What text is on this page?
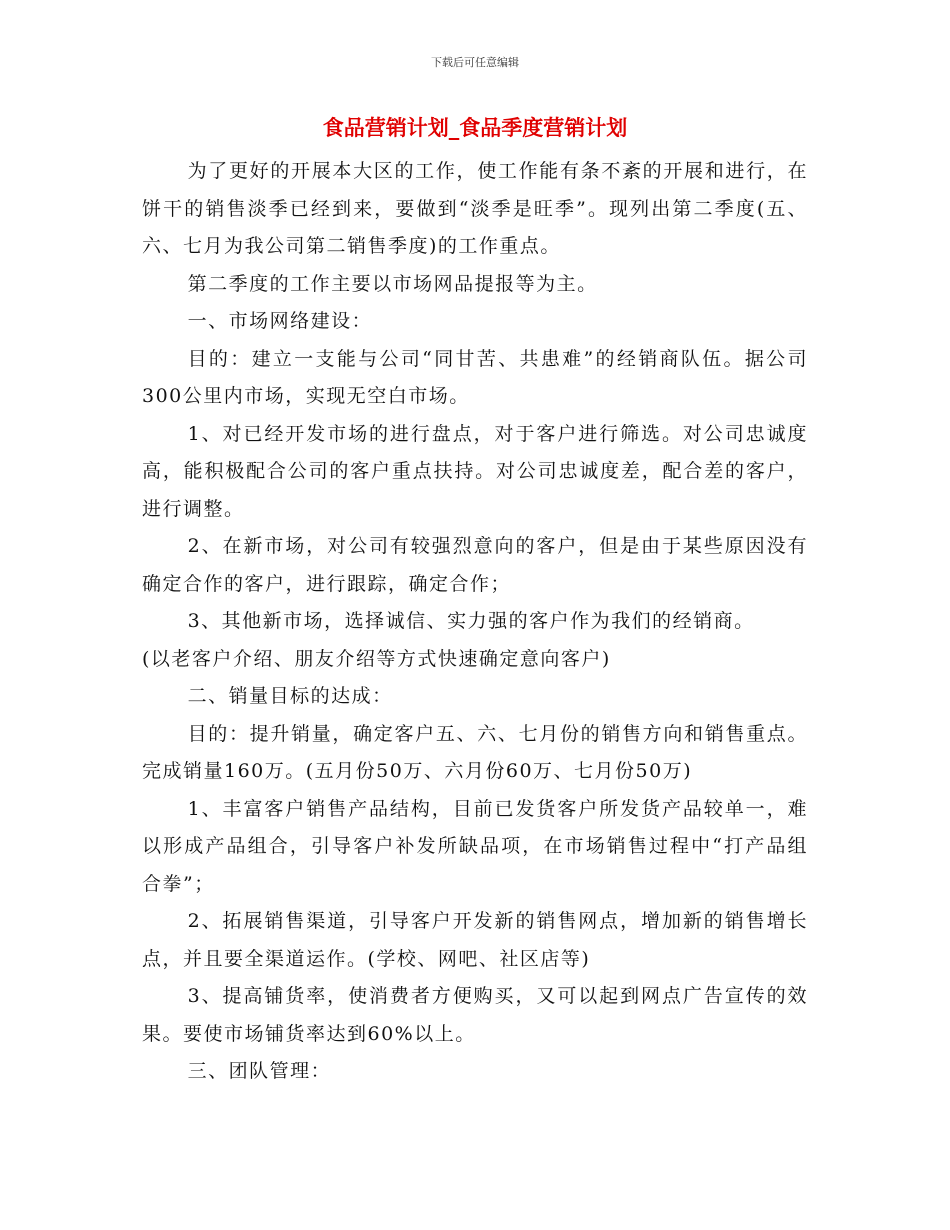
下载后可任意编辑
食品营销计划_食品季度营销计划

为了更好的开展本大区的工作，使工作能有条不紊的开展和进行，在饼干的销售淡季已经到来，要做到“淡季是旺季”。现列出第二季度(五、六、七月为我公司第二销售季度)的工作重点。

第二季度的工作主要以市场网品提报等为主。

一、市场网络建设：

目的：建立一支能与公司“同甘苦、共患难”的经销商队伍。据公司300公里内市场，实现无空白市场。

1、对已经开发市场的进行盘点，对于客户进行筛选。对公司忠诚度高，能积极配合公司的客户重点扶持。对公司忠诚度差，配合差的客户，进行调整。

2、在新市场，对公司有较强烈意向的客户，但是由于某些原因没有确定合作的客户，进行跟踪，确定合作；

3、其他新市场，选择诚信、实力强的客户作为我们的经销商。

(以老客户介绍、朋友介绍等方式快速确定意向客户)

二、销量目标的达成：

目的：提升销量，确定客户五、六、七月份的销售方向和销售重点。完成销量160万。(五月份50万、六月份60万、七月份50万)

1、丰富客户销售产品结构，目前已发货客户所发货产品较单一，难以形成产品组合，引导客户补发所缺品项，在市场销售过程中“打产品组合拳”；

2、拓展销售渠道，引导客户开发新的销售网点，增加新的销售增长点，并且要全渠道运作。(学校、网吧、社区店等)

3、提高铺货率，使消费者方便购买，又可以起到网点广告宣传的效果。要使市场铺货率达到60%以上。

三、团队管理：
